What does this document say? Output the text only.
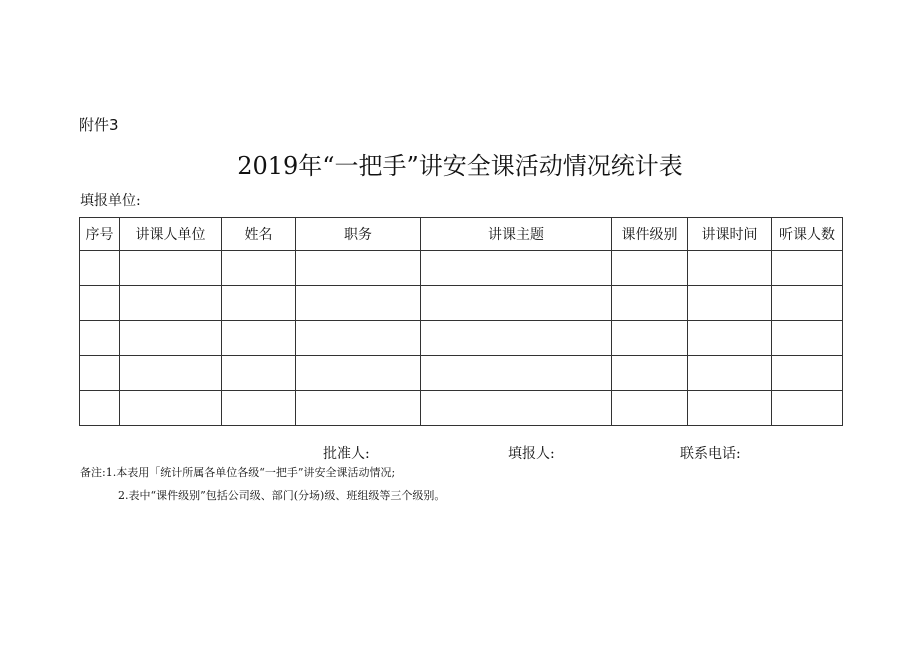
附件3
2019年“一把手”讲安全课活动情况统计表
填报单位:
序号	讲课人单位	姓名	职务	讲课主题	课件级别	讲课时间	听课人数

批准人:	填报人:	联系电话:
备注:1.本表用「统计所属各单位各级“一把手”讲安全课活动情况;
2.表中“课件级别”包括公司级、部门(分场)级、班组级等三个级别。
